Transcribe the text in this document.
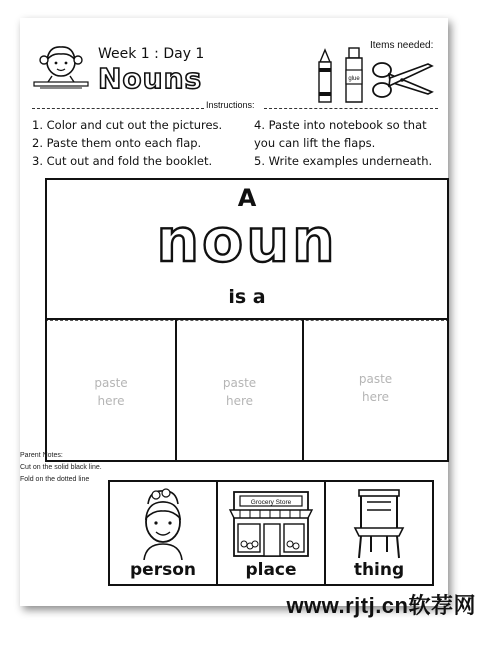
Week 1 : Day 1
Nouns
Items needed:
glue
Instructions:
1. Color and cut out the pictures.
2. Paste them onto each flap.
3. Cut out and fold the booklet.
4. Paste into notebook so that
you can lift the flaps.
5. Write examples underneath.
A
noun
is a
paste
here
paste
here
paste
here
Parent Notes:
Cut on the solid black line.
Fold on the dotted line
person
Grocery Store
place	thing
www.rjtj.cn软荐网
